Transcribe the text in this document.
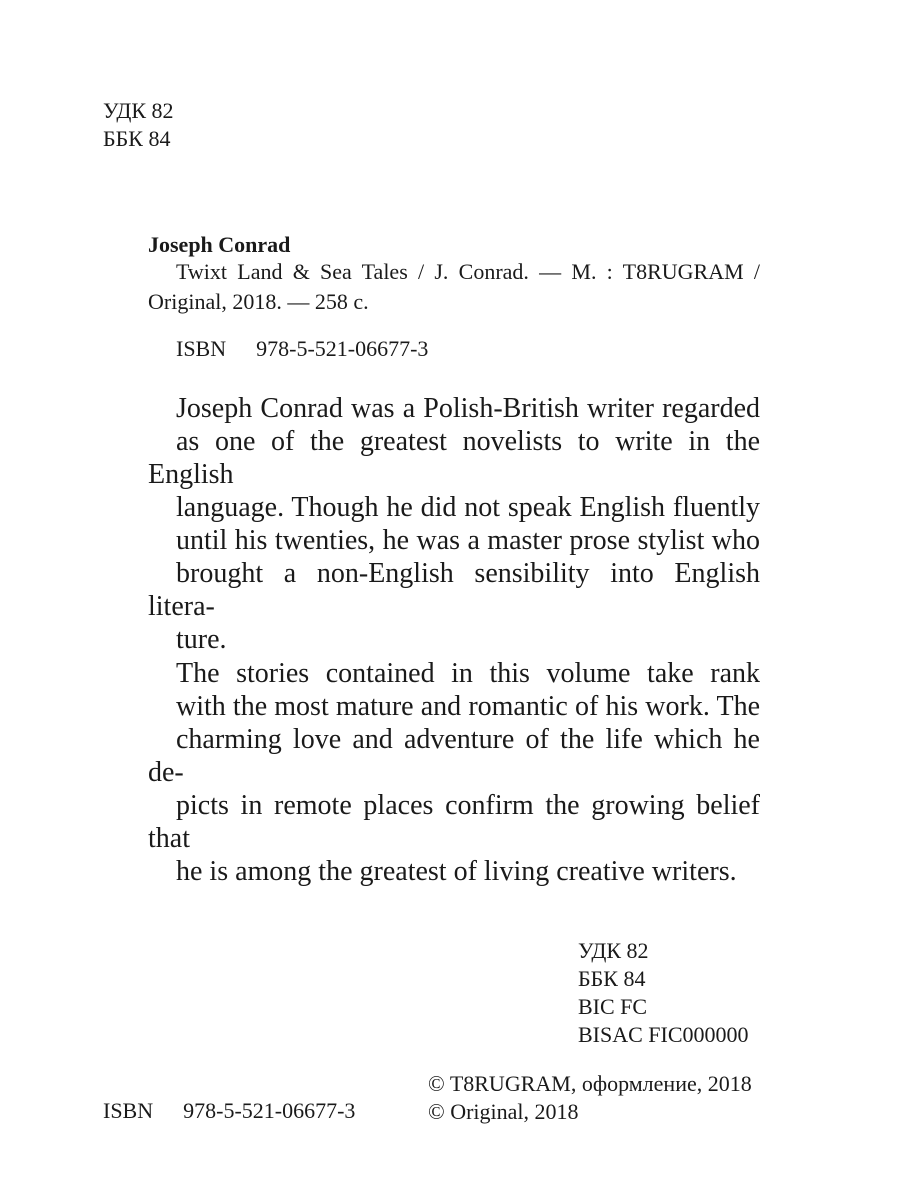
УДК 82
ББК 84
Joseph Conrad
Twixt Land & Sea Tales / J. Conrad. — M. : T8RUGRAM /
Original, 2018. — 258 с.
ISBN 978-5-521-06677-3
Joseph Conrad was a Polish-British writer regarded
as one of the greatest novelists to write in the English
language. Though he did not speak English fluently
until his twenties, he was a master prose stylist who
brought a non-English sensibility into English litera-
ture.
The stories contained in this volume take rank
with the most mature and romantic of his work. The
charming love and adventure of the life which he de-
picts in remote places confirm the growing belief that
he is among the greatest of living creative writers.
УДК 82
ББК 84
BIC FC
BISAC FIC000000
© T8RUGRAM, оформление, 2018
© Original, 2018
ISBN 978-5-521-06677-3
